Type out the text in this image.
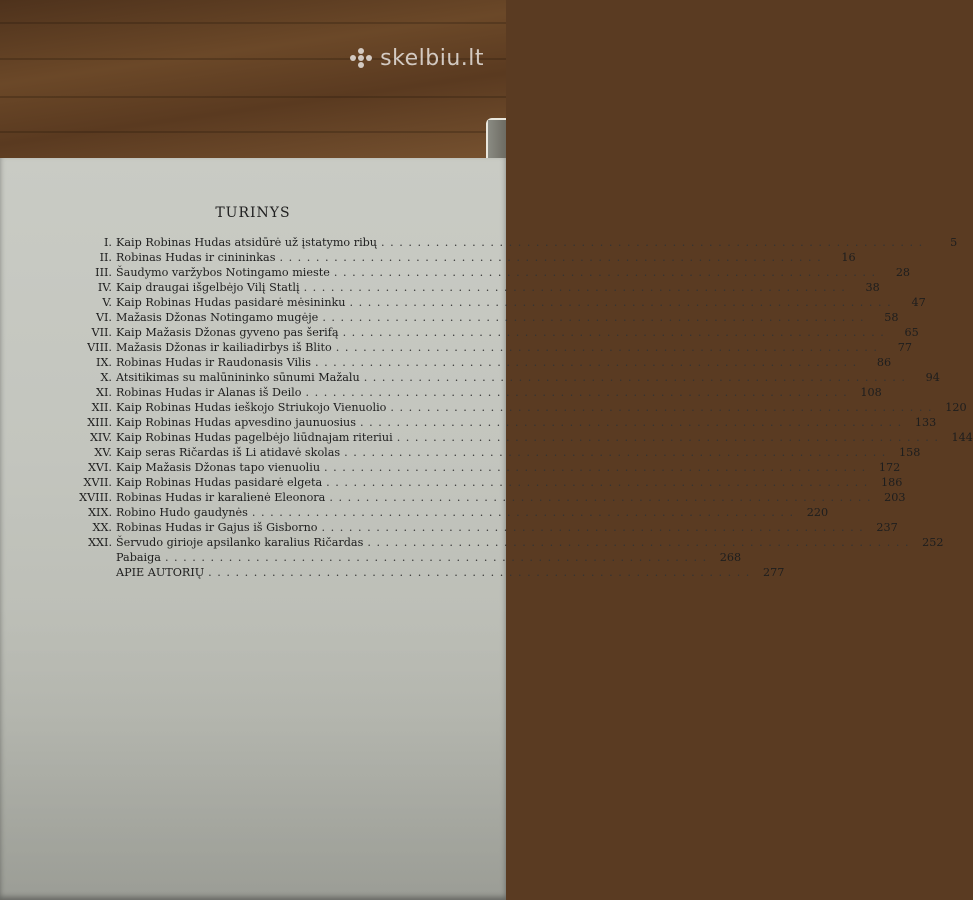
skelbiu.lt
TURINYS
I. Kaip Robinas Hudas atsidūrė už įstatymo ribų . . . . . . . . . . . . . . . . . . . . . . . . . . . . . . . . . . . . . . . . . . . . . . . . . . . . . . . . . . . .	5
II. Robinas Hudas ir cinininkas . . . . . . . . . . . . . . . . . . . . . . . . . . . . . . . . . . . . . . . . . . . . . . . . . . . . . . . . . . . .	16
III. Šaudymo varžybos Notingamo mieste . . . . . . . . . . . . . . . . . . . . . . . . . . . . . . . . . . . . . . . . . . . . . . . . . . . . . . . . . . . .	28
IV. Kaip draugai išgelbėjo Vilį Statlį . . . . . . . . . . . . . . . . . . . . . . . . . . . . . . . . . . . . . . . . . . . . . . . . . . . . . . . . . . . .	38
V. Kaip Robinas Hudas pasidarė mėsininku . . . . . . . . . . . . . . . . . . . . . . . . . . . . . . . . . . . . . . . . . . . . . . . . . . . . . . . . . . . .	47
VI. Mažasis Džonas Notingamo mugėje . . . . . . . . . . . . . . . . . . . . . . . . . . . . . . . . . . . . . . . . . . . . . . . . . . . . . . . . . . . .	58
VII. Kaip Mažasis Džonas gyveno pas šerifą . . . . . . . . . . . . . . . . . . . . . . . . . . . . . . . . . . . . . . . . . . . . . . . . . . . . . . . . . . . .	65
VIII. Mažasis Džonas ir kailiadirbys iš Blito . . . . . . . . . . . . . . . . . . . . . . . . . . . . . . . . . . . . . . . . . . . . . . . . . . . . . . . . . . . .	77
IX. Robinas Hudas ir Raudonasis Vilis . . . . . . . . . . . . . . . . . . . . . . . . . . . . . . . . . . . . . . . . . . . . . . . . . . . . . . . . . . . .	86
X. Atsitikimas su malūnininko sūnumi Mažalu . . . . . . . . . . . . . . . . . . . . . . . . . . . . . . . . . . . . . . . . . . . . . . . . . . . . . . . . . . . .	94
XI. Robinas Hudas ir Alanas iš Deilo . . . . . . . . . . . . . . . . . . . . . . . . . . . . . . . . . . . . . . . . . . . . . . . . . . . . . . . . . . . .	108
XII. Kaip Robinas Hudas ieškojo Striukojo Vienuolio . . . . . . . . . . . . . . . . . . . . . . . . . . . . . . . . . . . . . . . . . . . . . . . . . . . . . . . . . . . .	120
XIII. Kaip Robinas Hudas apvesdino jaunuosius . . . . . . . . . . . . . . . . . . . . . . . . . . . . . . . . . . . . . . . . . . . . . . . . . . . . . . . . . . . .	133
XIV. Kaip Robinas Hudas pagelbėjo liūdnajam riteriui . . . . . . . . . . . . . . . . . . . . . . . . . . . . . . . . . . . . . . . . . . . . . . . . . . . . . . . . . . . .	144
XV. Kaip seras Ričardas iš Li atidavė skolas . . . . . . . . . . . . . . . . . . . . . . . . . . . . . . . . . . . . . . . . . . . . . . . . . . . . . . . . . . . .	158
XVI. Kaip Mažasis Džonas tapo vienuoliu . . . . . . . . . . . . . . . . . . . . . . . . . . . . . . . . . . . . . . . . . . . . . . . . . . . . . . . . . . . .	172
XVII. Kaip Robinas Hudas pasidarė elgeta . . . . . . . . . . . . . . . . . . . . . . . . . . . . . . . . . . . . . . . . . . . . . . . . . . . . . . . . . . . .	186
XVIII. Robinas Hudas ir karalienė Eleonora . . . . . . . . . . . . . . . . . . . . . . . . . . . . . . . . . . . . . . . . . . . . . . . . . . . . . . . . . . . .	203
XIX. Robino Hudo gaudynės . . . . . . . . . . . . . . . . . . . . . . . . . . . . . . . . . . . . . . . . . . . . . . . . . . . . . . . . . . . .	220
XX. Robinas Hudas ir Gajus iš Gisborno . . . . . . . . . . . . . . . . . . . . . . . . . . . . . . . . . . . . . . . . . . . . . . . . . . . . . . . . . . . .	237
XXI. Šervudo girioje apsilanko karalius Ričardas . . . . . . . . . . . . . . . . . . . . . . . . . . . . . . . . . . . . . . . . . . . . . . . . . . . . . . . . . . . .	252
Pabaiga . . . . . . . . . . . . . . . . . . . . . . . . . . . . . . . . . . . . . . . . . . . . . . . . . . . . . . . . . . . .	268
APIE AUTORIŲ . . . . . . . . . . . . . . . . . . . . . . . . . . . . . . . . . . . . . . . . . . . . . . . . . . . . . . . . . . . .	277
